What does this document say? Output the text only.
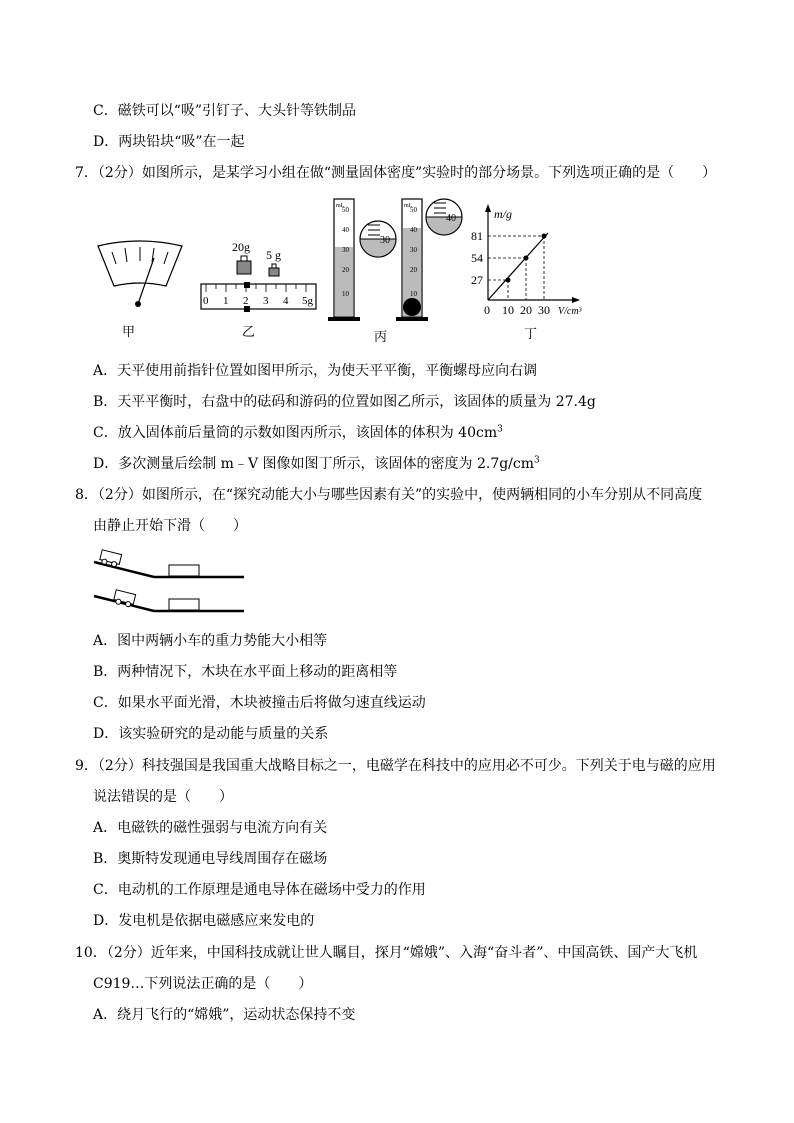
C．磁铁可以“吸”引钉子、大头针等铁制品
D．两块铅块“吸”在一起
7．（2分）如图所示，是某学习小组在做“测量固体密度”实验时的部分场景。下列选项正确的是（　　）
甲
20g
5 g
0 1 2 3 4 5g
乙
mL
50
40
30
20
10
30
mL
50
40
30
20
10
40
丙
m/g
81
54
27
0 10 20 30 V/cm³
丁
A．天平使用前指针位置如图甲所示，为使天平平衡，平衡螺母应向右调
B．天平平衡时，右盘中的砝码和游码的位置如图乙所示，该固体的质量为 27.4g
C．放入固体前后量筒的示数如图丙所示，该固体的体积为 $40cm^3$
D．多次测量后绘制 m﹣V 图像如图丁所示，该固体的密度为 $2.7g/cm^3$
8．（2分）如图所示，在“探究动能大小与哪些因素有关”的实验中，使两辆相同的小车分别从不同高度
由静止开始下滑（　　）
A．图中两辆小车的重力势能大小相等
B．两种情况下，木块在水平面上移动的距离相等
C．如果水平面光滑，木块被撞击后将做匀速直线运动
D．该实验研究的是动能与质量的关系
9．（2分）科技强国是我国重大战略目标之一，电磁学在科技中的应用必不可少。下列关于电与磁的应用
说法错误的是（　　）
A．电磁铁的磁性强弱与电流方向有关
B．奥斯特发现通电导线周围存在磁场
C．电动机的工作原理是通电导体在磁场中受力的作用
D．发电机是依据电磁感应来发电的
10．（2分）近年来，中国科技成就让世人瞩目，探月“嫦娥”、入海“奋斗者”、中国高铁、国产大飞机
C919…下列说法正确的是（　　）
A．绕月飞行的“嫦娥”，运动状态保持不变
